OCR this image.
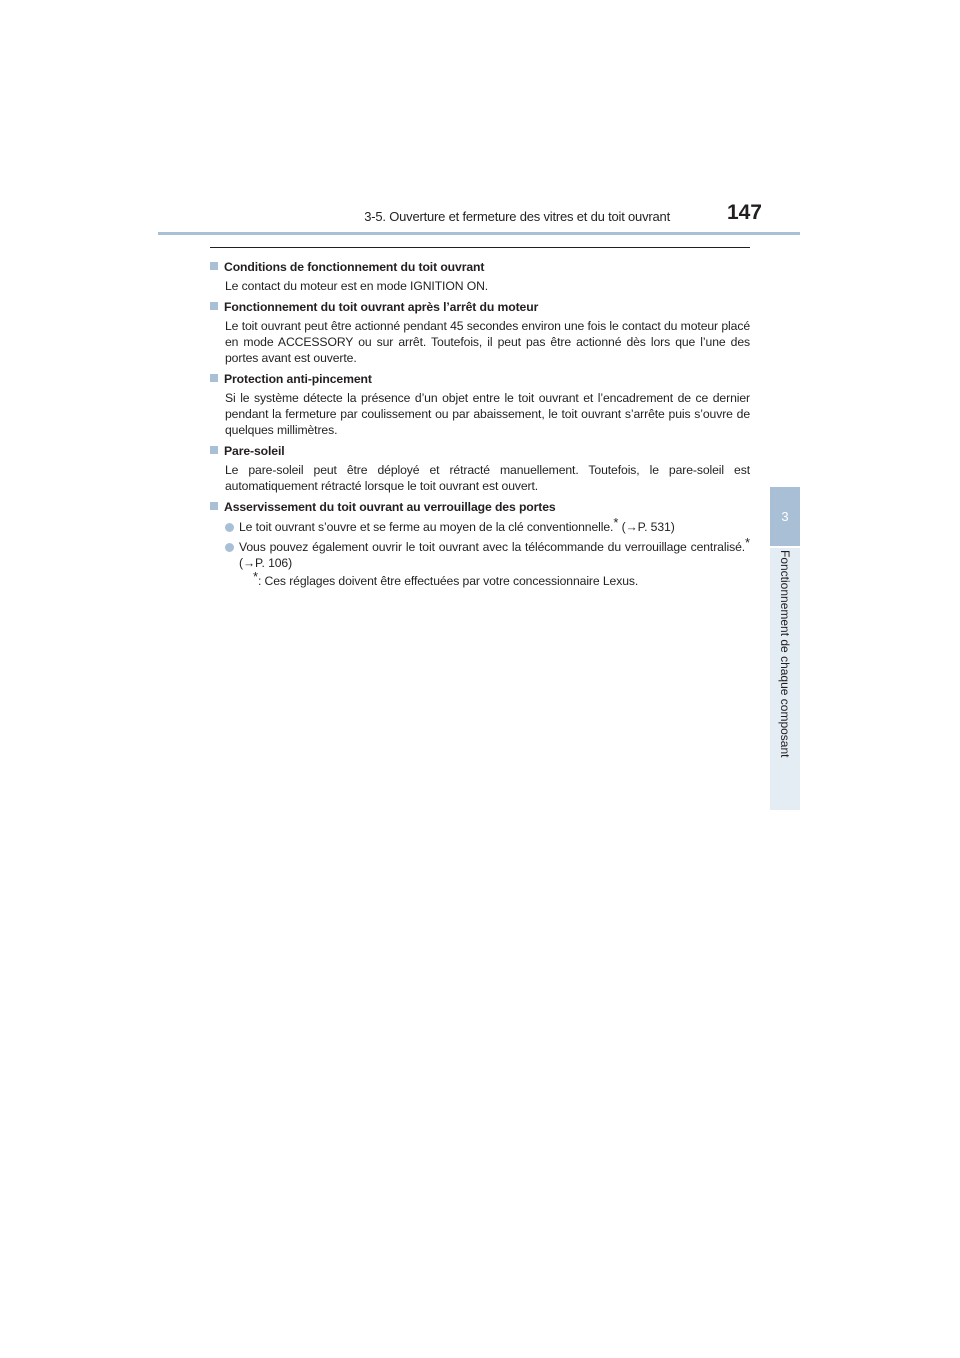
3-5. Ouverture et fermeture des vitres et du toit ouvrant	147
3
Fonctionnement de chaque composant
Conditions de fonctionnement du toit ouvrant
Le contact du moteur est en mode IGNITION ON.
Fonctionnement du toit ouvrant après l’arrêt du moteur
Le toit ouvrant peut être actionné pendant 45 secondes environ une fois le contact du moteur placé en mode ACCESSORY ou sur arrêt. Toutefois, il peut pas être actionné dès lors que l’une des portes avant est ouverte.
Protection anti-pincement
Si le système détecte la présence d’un objet entre le toit ouvrant et l’encadrement de ce dernier pendant la fermeture par coulissement ou par abaissement, le toit ouvrant s’arrête puis s’ouvre de quelques millimètres.
Pare-soleil
Le pare-soleil peut être déployé et rétracté manuellement. Toutefois, le pare-soleil est automatiquement rétracté lorsque le toit ouvrant est ouvert.
Asservissement du toit ouvrant au verrouillage des portes
Le toit ouvrant s’ouvre et se ferme au moyen de la clé conventionnelle.* (→P. 531)
Vous pouvez également ouvrir le toit ouvrant avec la télécommande du verrouillage centralisé.* (→P. 106)
*: Ces réglages doivent être effectuées par votre concessionnaire Lexus.
